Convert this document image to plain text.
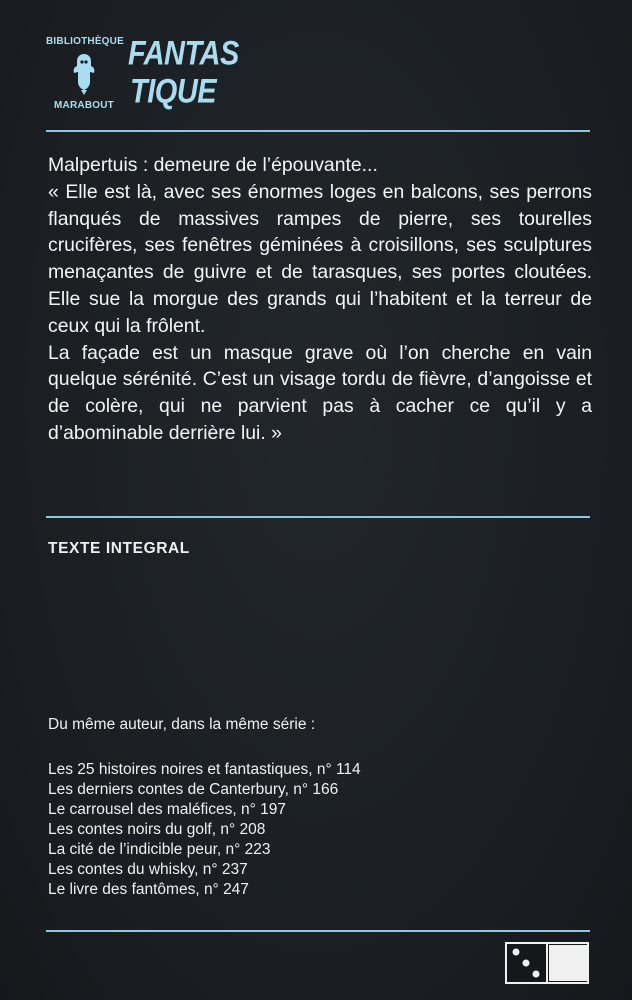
BIBLIOTHÈQUE
MARABOUT
FANTAS
TIQUE

Malpertuis : demeure de l’épouvante...

« Elle est là, avec ses énormes loges en balcons, ses perrons flanqués de massives rampes de pierre, ses tourelles crucifères, ses fenêtres géminées à croisillons, ses sculptures menaçantes de guivre et de tarasques, ses portes cloutées. Elle sue la morgue des grands qui l’habitent et la terreur de ceux qui la frôlent.

La façade est un masque grave où l’on cherche en vain quelque sérénité. C’est un visage tordu de fièvre, d’angoisse et de colère, qui ne parvient pas à cacher ce qu’il y a d’abominable derrière lui. »

TEXTE INTEGRAL
Du même auteur, dans la même série :
Les 25 histoires noires et fantastiques, n° 114
Les derniers contes de Canterbury, n° 166
Le carrousel des maléfices, n° 197
Les contes noirs du golf, n° 208
La cité de l’indicible peur, n° 223
Les contes du whisky, n° 237
Le livre des fantômes, n° 247
